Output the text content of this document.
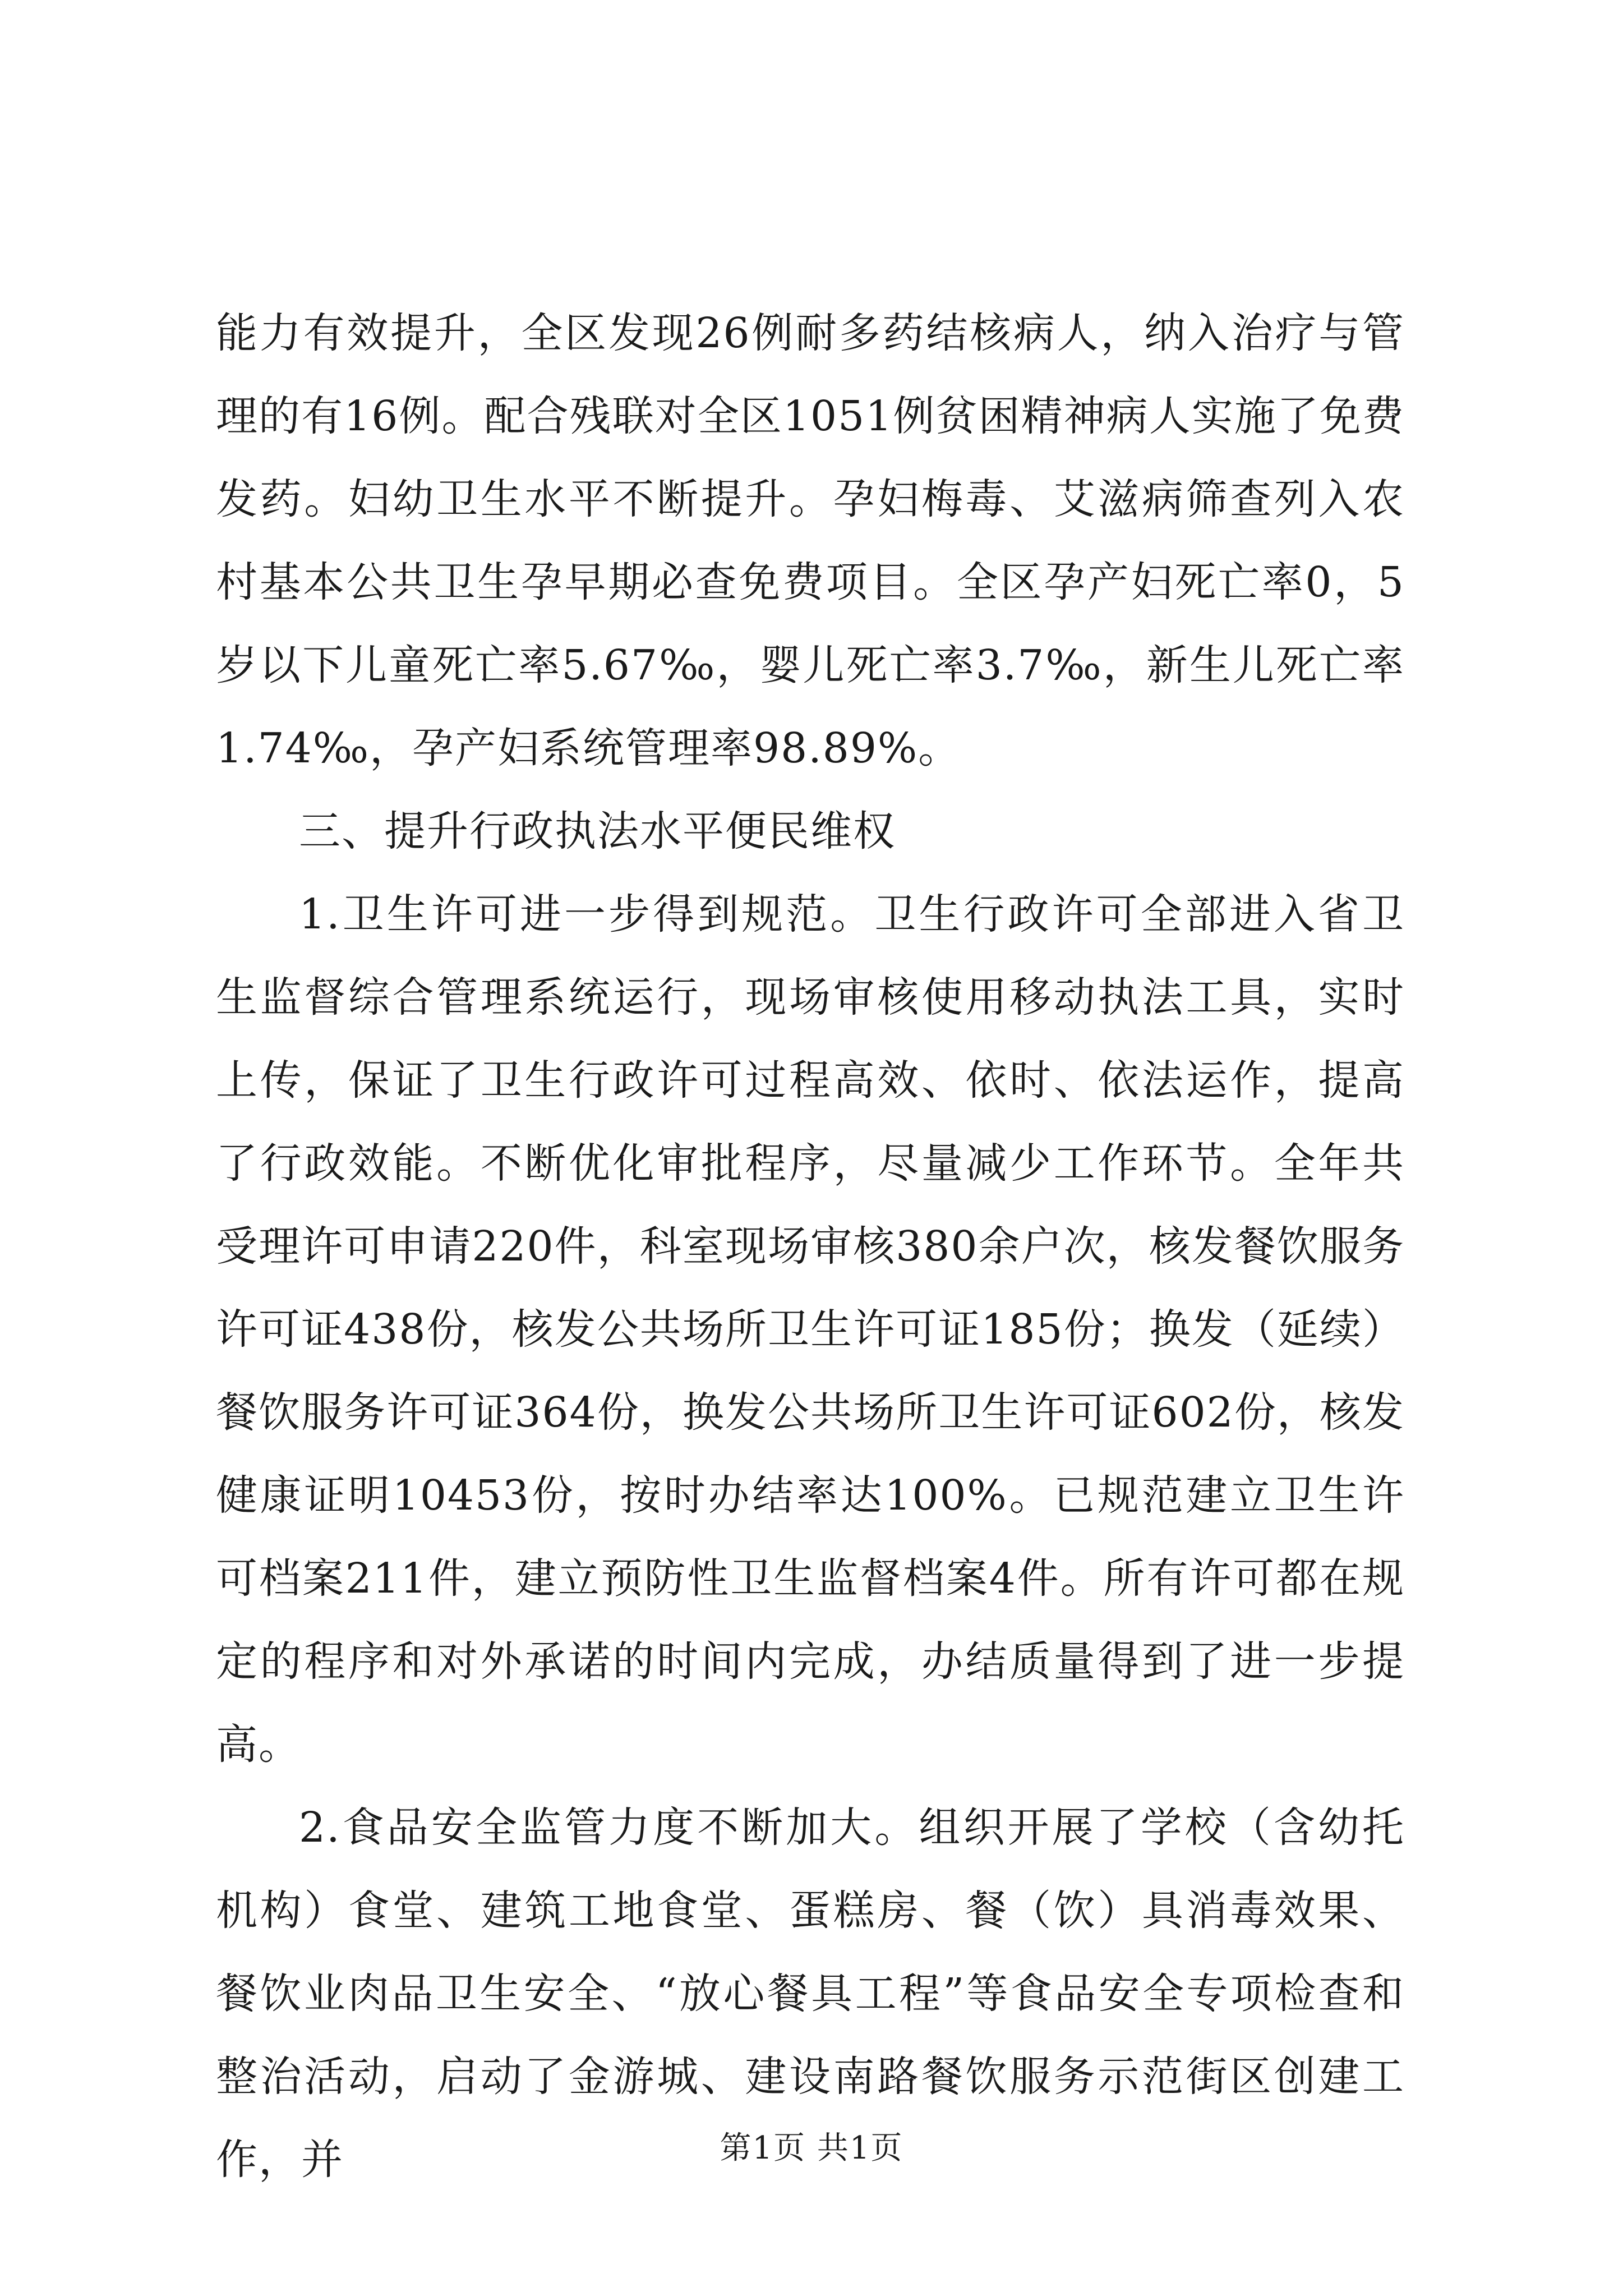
能力有效提升，全区发现26例耐多药结核病人，纳入治疗与管理的有16例。配合残联对全区1051例贫困精神病人实施了免费发药。妇幼卫生水平不断提升。孕妇梅毒、艾滋病筛查列入农村基本公共卫生孕早期必查免费项目。全区孕产妇死亡率0，5岁以下儿童死亡率5.67‰，婴儿死亡率3.7‰，新生儿死亡率1.74‰，孕产妇系统管理率98.89%。

三、提升行政执法水平便民维权

1.卫生许可进一步得到规范。卫生行政许可全部进入省卫生监督综合管理系统运行，现场审核使用移动执法工具，实时上传，保证了卫生行政许可过程高效、依时、依法运作，提高了行政效能。不断优化审批程序，尽量减少工作环节。全年共受理许可申请220件，科室现场审核380余户次，核发餐饮服务许可证438份，核发公共场所卫生许可证185份；换发（延续）餐饮服务许可证364份，换发公共场所卫生许可证602份，核发健康证明10453份，按时办结率达100%。已规范建立卫生许可档案211件，建立预防性卫生监督档案4件。所有许可都在规定的程序和对外承诺的时间内完成，办结质量得到了进一步提高。

2.食品安全监管力度不断加大。组织开展了学校（含幼托机构）食堂、建筑工地食堂、蛋糕房、餐（饮）具消毒效果、餐饮业肉品卫生安全、“放心餐具工程”等食品安全专项检查和整治活动，启动了金游城、建设南路餐饮服务示范街区创建工作，并	第1页 共1页
